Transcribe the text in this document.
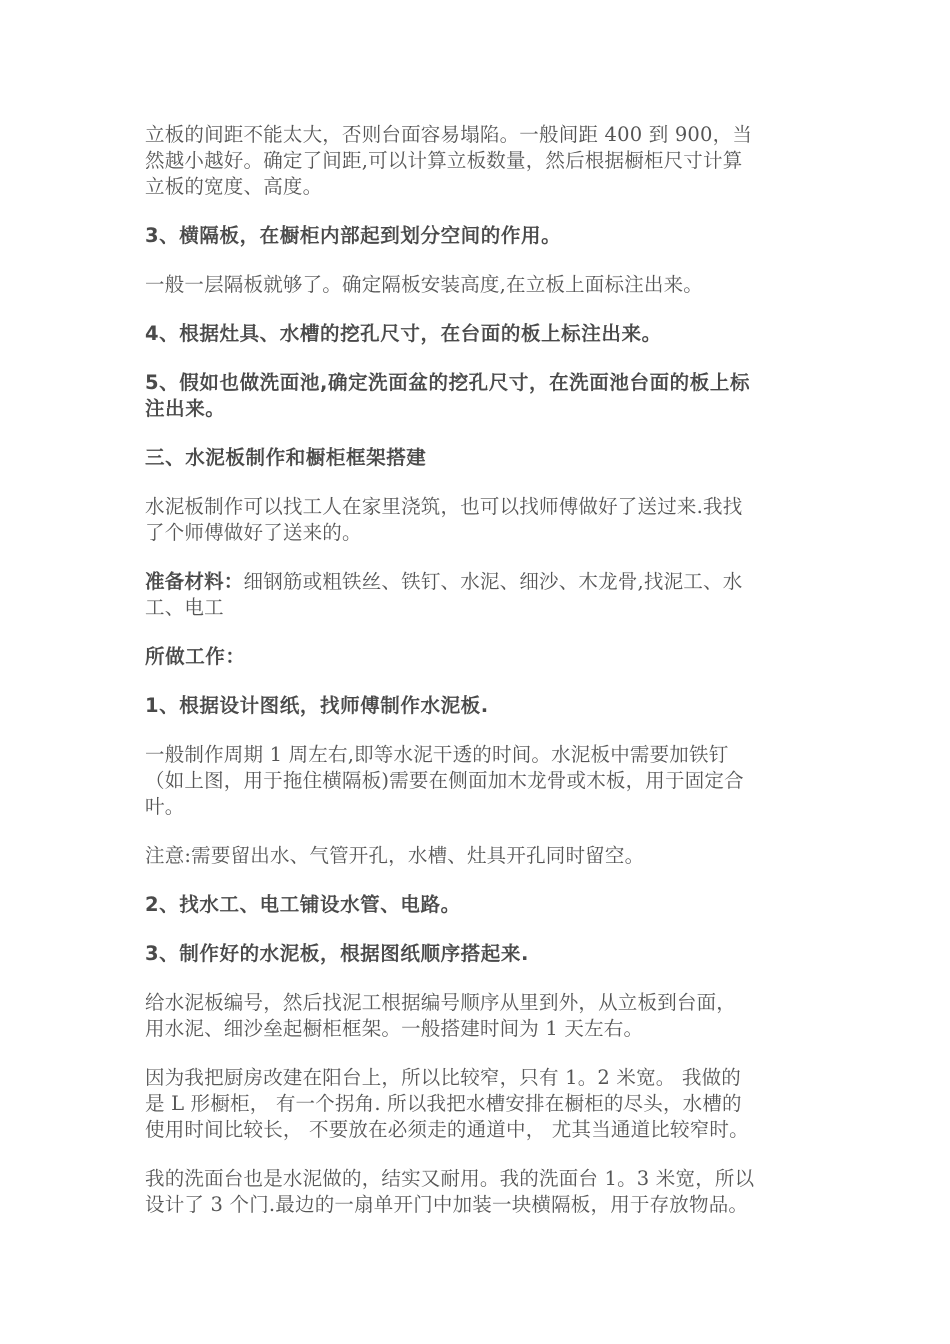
立板的间距不能太大，否则台面容易塌陷。一般间距 400 到 900，当
然越小越好。确定了间距,可以计算立板数量，然后根据橱柜尺寸计算
立板的宽度、高度。

3、横隔板，在橱柜内部起到划分空间的作用。

一般一层隔板就够了。确定隔板安装高度,在立板上面标注出来。

4、根据灶具、水槽的挖孔尺寸，在台面的板上标注出来。

5、假如也做洗面池,确定洗面盆的挖孔尺寸，在洗面池台面的板上标
注出来。

三、水泥板制作和橱柜框架搭建

水泥板制作可以找工人在家里浇筑，也可以找师傅做好了送过来.我找
了个师傅做好了送来的。

准备材料：细钢筋或粗铁丝、铁钉、水泥、细沙、木龙骨,找泥工、水
工、电工

所做工作：

1、根据设计图纸，找师傅制作水泥板.

一般制作周期 1 周左右,即等水泥干透的时间。水泥板中需要加铁钉
（如上图，用于拖住横隔板)需要在侧面加木龙骨或木板，用于固定合
叶。

注意:需要留出水、气管开孔，水槽、灶具开孔同时留空。

2、找水工、电工铺设水管、电路。

3、制作好的水泥板，根据图纸顺序搭起来.

给水泥板编号，然后找泥工根据编号顺序从里到外，从立板到台面，
用水泥、细沙垒起橱柜框架。一般搭建时间为 1 天左右。

因为我把厨房改建在阳台上，所以比较窄，只有 1。2 米宽。 我做的
是 L 形橱柜， 有一个拐角. 所以我把水槽安排在橱柜的尽头，水槽的
使用时间比较长， 不要放在必须走的通道中， 尤其当通道比较窄时。

我的洗面台也是水泥做的，结实又耐用。我的洗面台 1。3 米宽，所以
设计了 3 个门.最边的一扇单开门中加装一块横隔板，用于存放物品。
